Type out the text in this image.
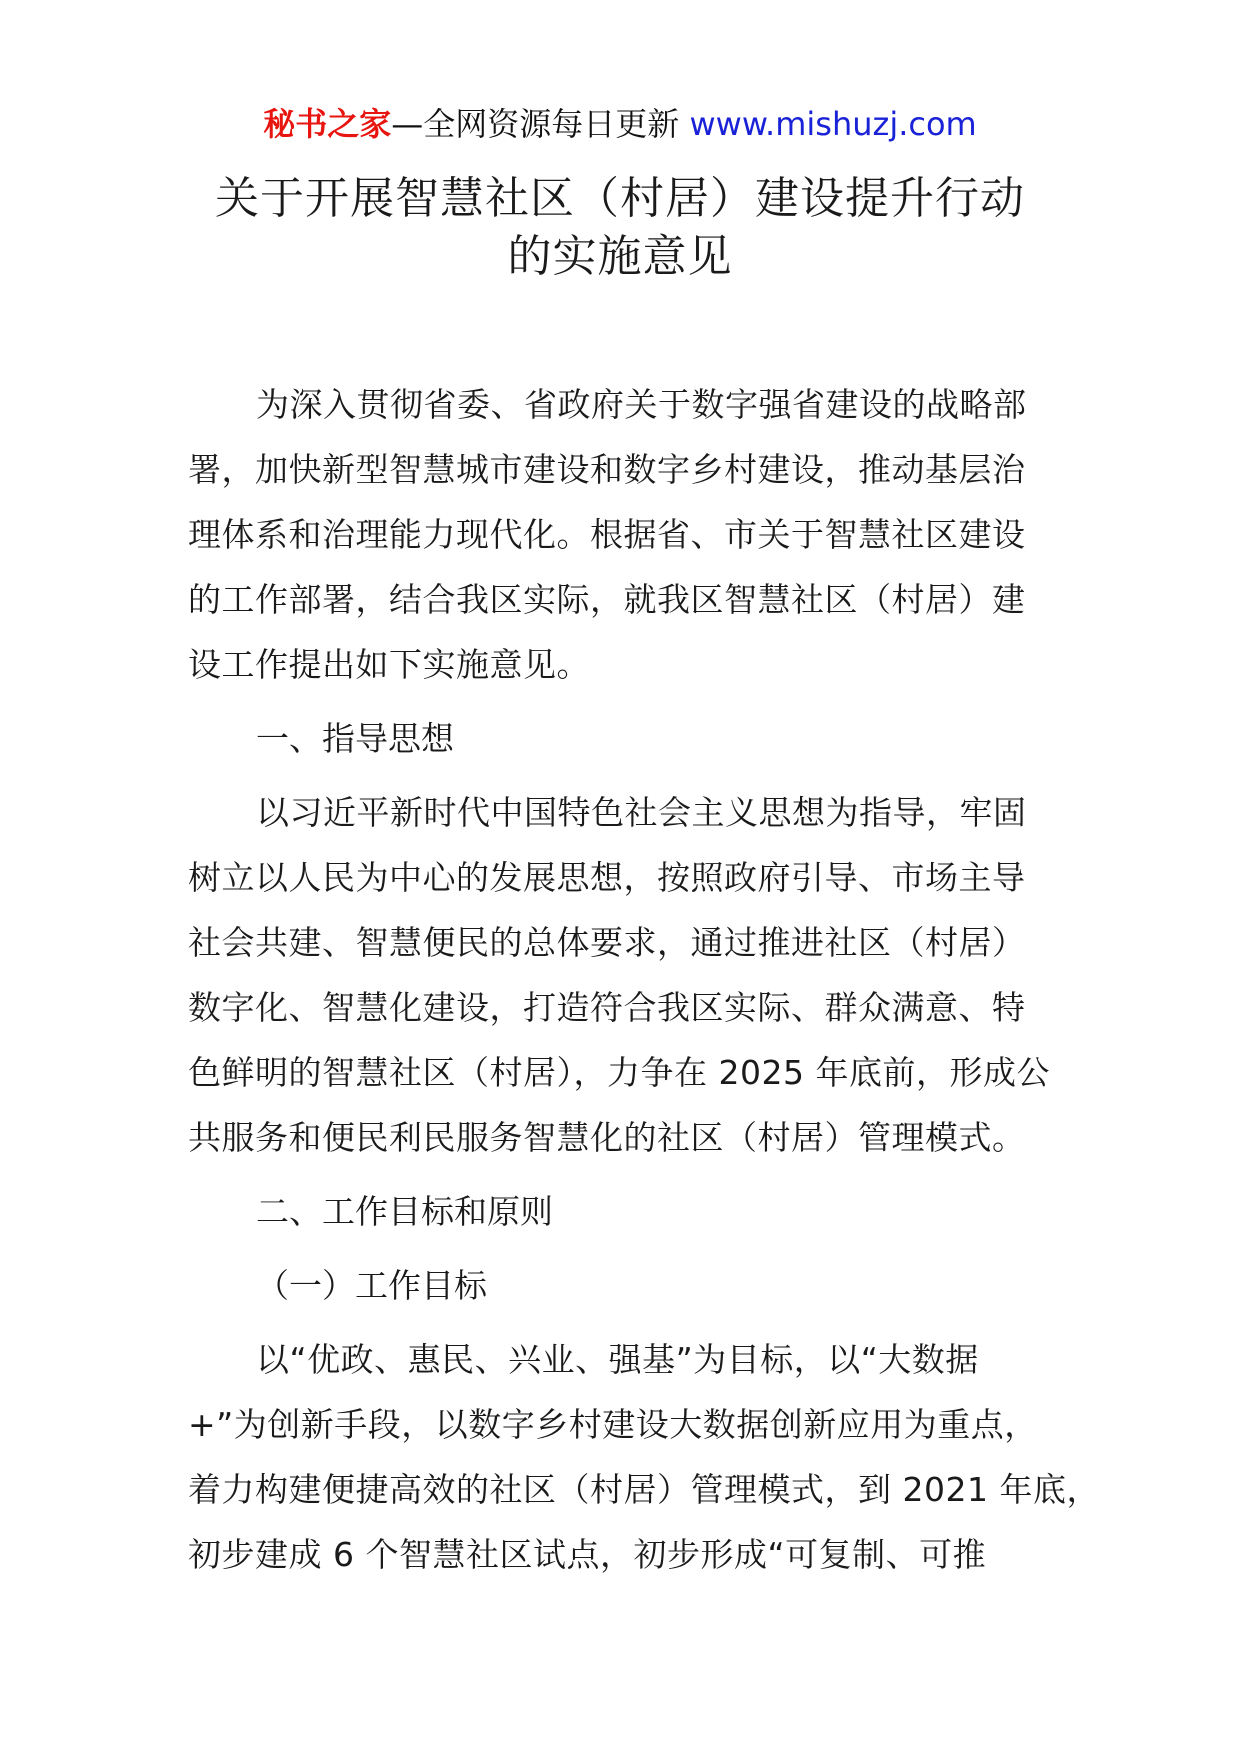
秘书之家—全网资源每日更新 www.mishuzj.com
关于开展智慧社区（村居）建设提升行动
的实施意见

为深入贯彻省委、省政府关于数字强省建设的战略部
署，加快新型智慧城市建设和数字乡村建设，推动基层治
理体系和治理能力现代化。根据省、市关于智慧社区建设
的工作部署，结合我区实际，就我区智慧社区（村居）建
设工作提出如下实施意见。

一、指导思想

以习近平新时代中国特色社会主义思想为指导，牢固
树立以人民为中心的发展思想，按照政府引导、市场主导
社会共建、智慧便民的总体要求，通过推进社区（村居）
数字化、智慧化建设，打造符合我区实际、群众满意、特
色鲜明的智慧社区（村居），力争在 2025 年底前，形成公
共服务和便民利民服务智慧化的社区（村居）管理模式。

二、工作目标和原则

（一）工作目标

以“优政、惠民、兴业、强基”为目标，以“大数据
+”为创新手段，以数字乡村建设大数据创新应用为重点，
着力构建便捷高效的社区（村居）管理模式，到 2021 年底，
初步建成 6 个智慧社区试点，初步形成“可复制、可推
